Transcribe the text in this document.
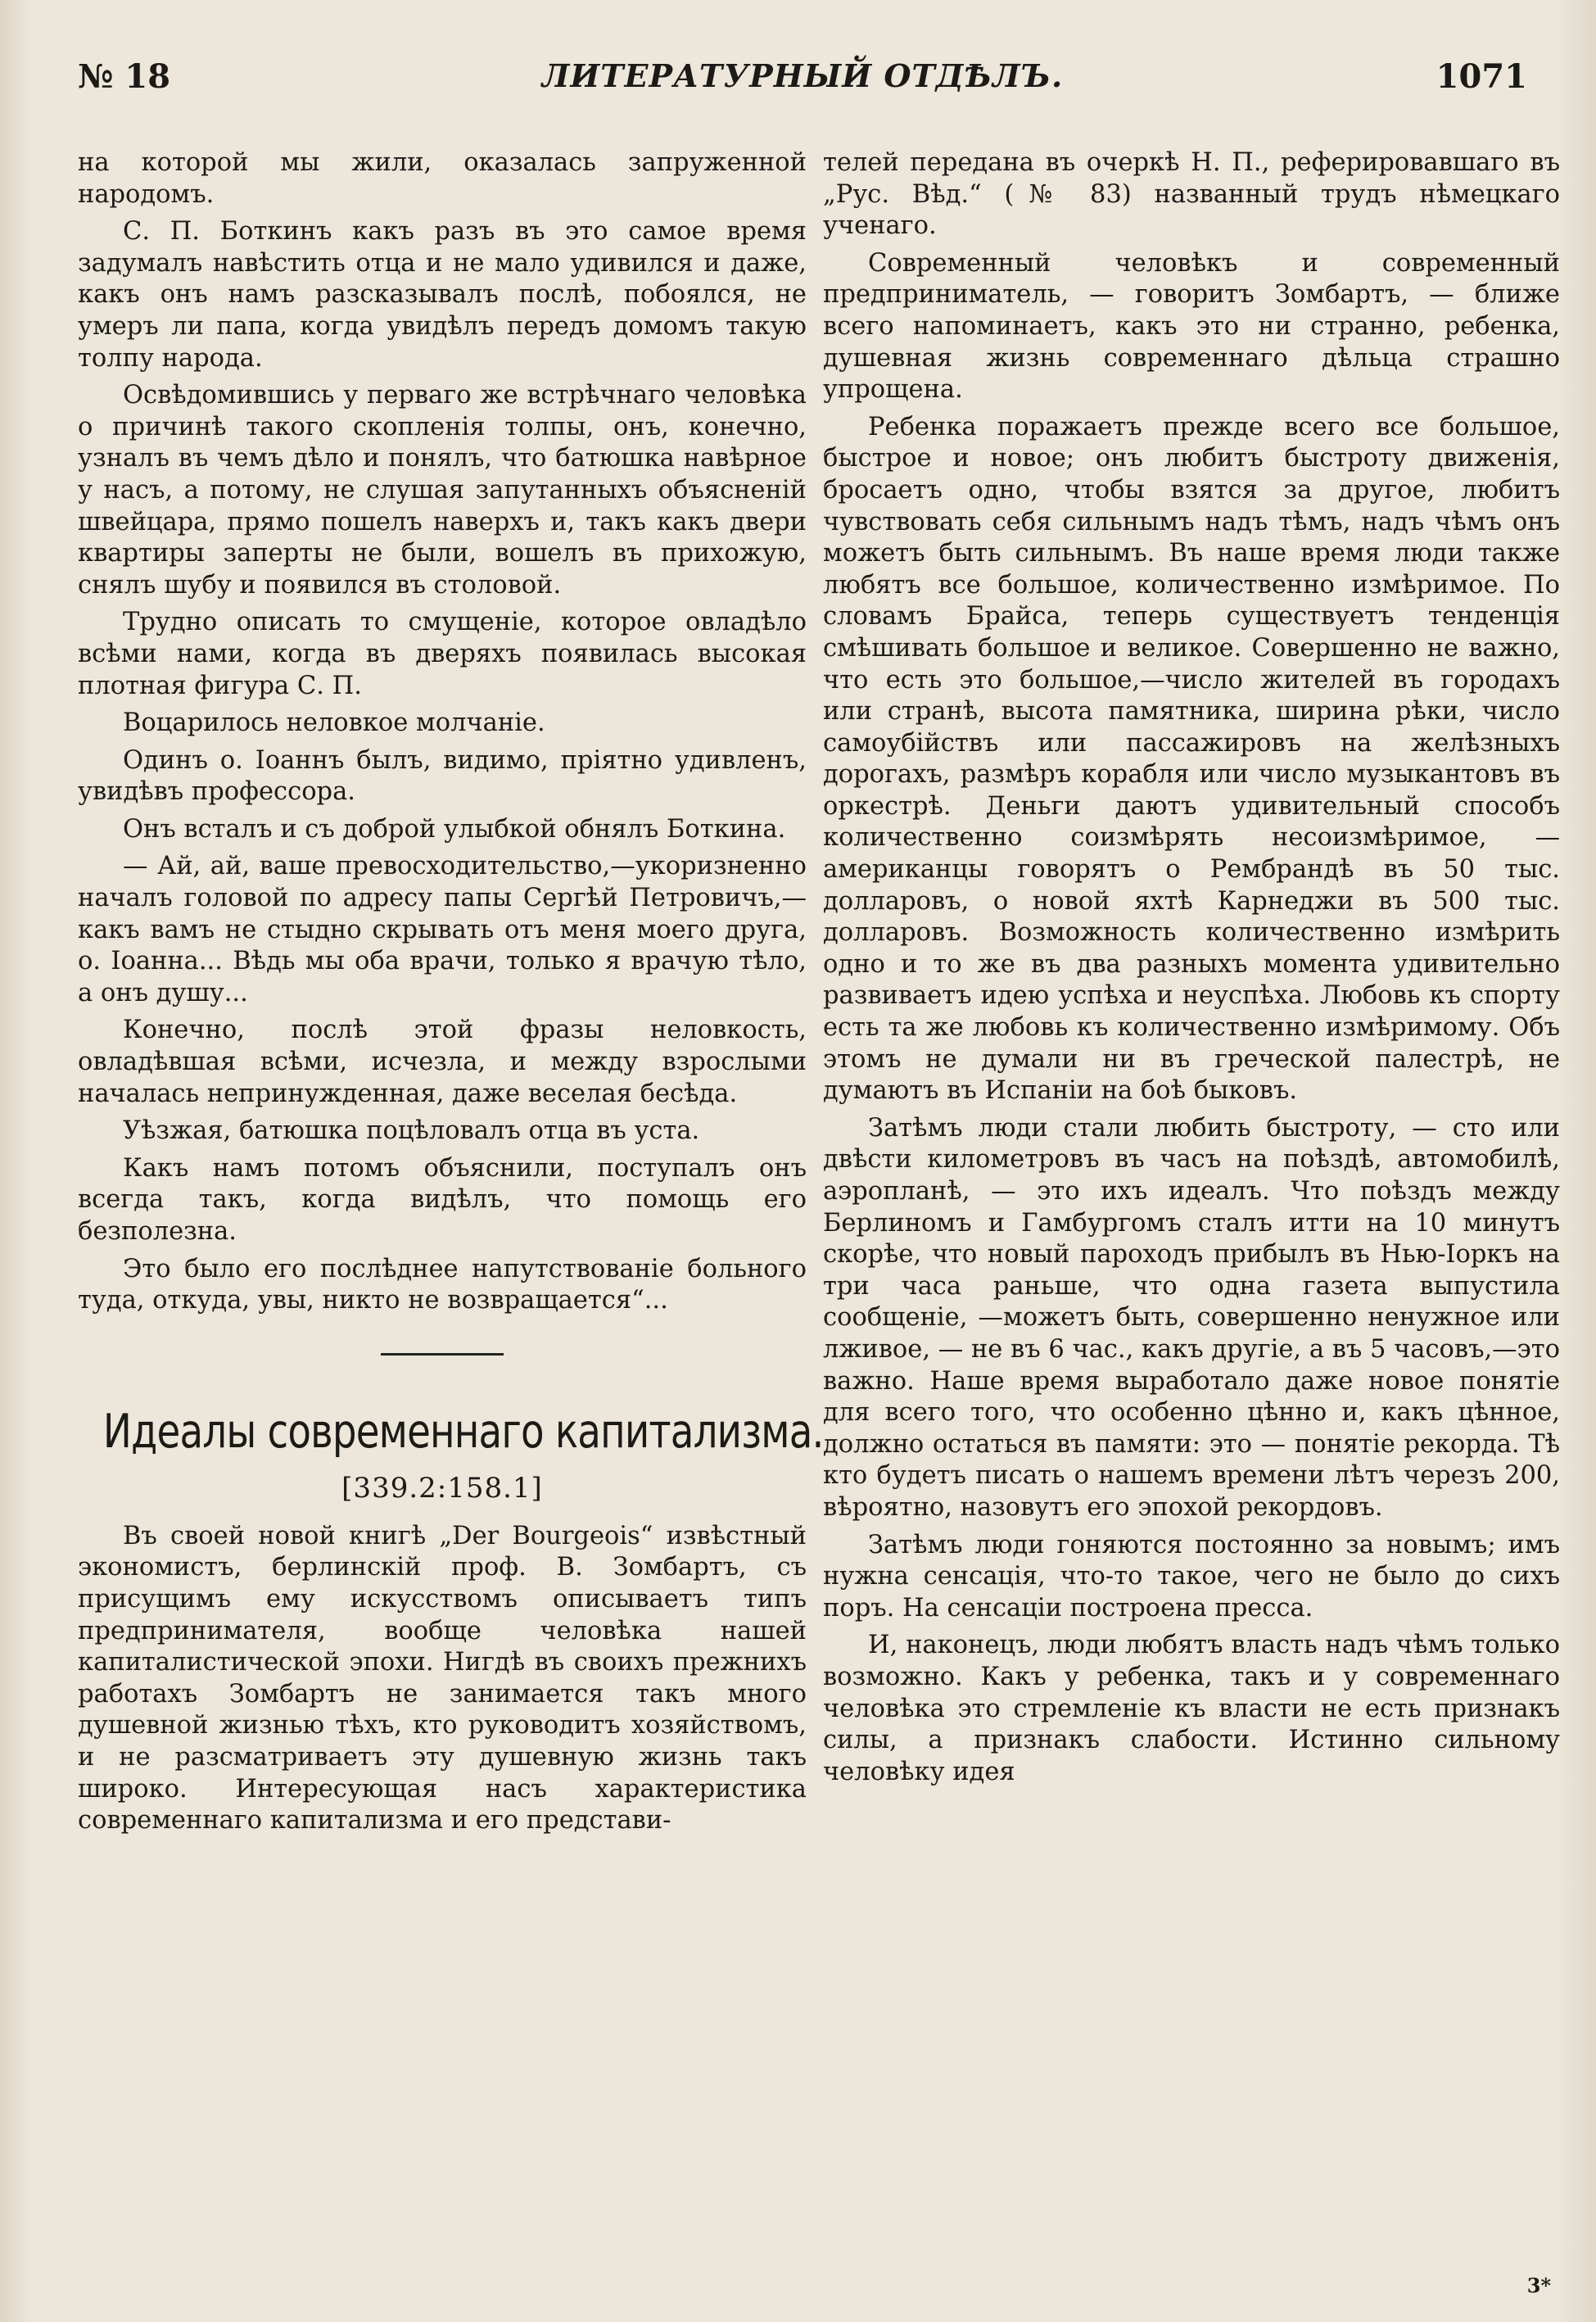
№ 18	ЛИТЕРАТУРНЫЙ ОТДѢЛЪ.	1071

на которой мы жили, оказалась запруженной народомъ.

С. П. Боткинъ какъ разъ въ это самое время задумалъ навѣстить отца и не мало удивился и даже, какъ онъ намъ разсказывалъ послѣ, побоялся, не умеръ ли папа, когда увидѣлъ передъ домомъ такую толпу народа.

Освѣдомившись у перваго же встрѣчнаго человѣка о причинѣ такого скопленія толпы, онъ, конечно, узналъ въ чемъ дѣло и понялъ, что батюшка навѣрное у насъ, а потому, не слушая запутанныхъ объясненій швейцара, прямо пошелъ наверхъ и, такъ какъ двери квартиры заперты не были, вошелъ въ прихожую, снялъ шубу и появился въ столовой.

Трудно описать то смущеніе, которое овладѣло всѣми нами, когда въ дверяхъ появилась высокая плотная фигура С. П.

Воцарилось неловкое молчаніе.

Одинъ о. Іоаннъ былъ, видимо, пріятно удивленъ, увидѣвъ профессора.

Онъ всталъ и съ доброй улыбкой обнялъ Боткина.

— Ай, ай, ваше превосходительство,—укоризненно началъ головой по адресу папы Сергѣй Петровичъ,—какъ вамъ не стыдно скрывать отъ меня моего друга, о. Іоанна... Вѣдь мы оба врачи, только я врачую тѣло, а онъ душу...

Конечно, послѣ этой фразы неловкость, овладѣвшая всѣми, исчезла, и между взрослыми началась непринужденная, даже веселая бесѣда.

Уѣзжая, батюшка поцѣловалъ отца въ уста.

Какъ намъ потомъ объяснили, поступалъ онъ всегда такъ, когда видѣлъ, что помощь его безполезна.

Это было его послѣднее напутствованіе больного туда, откуда, увы, никто не возвращается“...

Идеалы современнаго капитализма.
[339.2:158.1]

Въ своей новой книгѣ „Der Bourgeois“ извѣстный экономистъ, берлинскій проф. В. Зомбартъ, съ присущимъ ему искусствомъ описываетъ типъ предпринимателя, вообще человѣка нашей капиталистической эпохи. Нигдѣ въ своихъ прежнихъ работахъ Зомбартъ не занимается такъ много душевной жизнью тѣхъ, кто руководитъ хозяйствомъ, и не разсматриваетъ эту душевную жизнь такъ широко. Интересующая насъ характеристика современнаго капитализма и его представи-

телей передана въ очеркѣ Н. П., реферировавшаго въ „Рус. Вѣд.“ (№ 83) названный трудъ нѣмецкаго ученаго.

Современный человѣкъ и современный предприниматель, — говоритъ Зомбартъ, — ближе всего напоминаетъ, какъ это ни странно, ребенка, душевная жизнь современнаго дѣльца страшно упрощена.

Ребенка поражаетъ прежде всего все большое, быстрое и новое; онъ любитъ быстроту движенія, бросаетъ одно, чтобы взятся за другое, любитъ чувствовать себя сильнымъ надъ тѣмъ, надъ чѣмъ онъ можетъ быть сильнымъ. Въ наше время люди также любятъ все большое, количественно измѣримое. По словамъ Брайса, теперь существуетъ тенденція смѣшивать большое и великое. Совершенно не важно, что есть это большое,—число жителей въ городахъ или странѣ, высота памятника, ширина рѣки, число самоубійствъ или пассажировъ на желѣзныхъ дорогахъ, размѣръ корабля или число музыкантовъ въ оркестрѣ. Деньги даютъ удивительный способъ количественно соизмѣрять несоизмѣримое, — американцы говорятъ о Рембрандѣ въ 50 тыс. долларовъ, о новой яхтѣ Карнеджи въ 500 тыс. долларовъ. Возможность количественно измѣрить одно и то же въ два разныхъ момента удивительно развиваетъ идею успѣха и неуспѣха. Любовь къ спорту есть та же любовь къ количественно измѣримому. Объ этомъ не думали ни въ греческой палестрѣ, не думаютъ въ Испаніи на боѣ быковъ.

Затѣмъ люди стали любить быстроту, — сто или двѣсти километровъ въ часъ на поѣздѣ, автомобилѣ, аэропланѣ, — это ихъ идеалъ. Что поѣздъ между Берлиномъ и Гамбургомъ сталъ итти на 10 минутъ скорѣе, что новый пароходъ прибылъ въ Нью-Іоркъ на три часа раньше, что одна газета выпустила сообщеніе, —можетъ быть, совершенно ненужное или лживое, — не въ 6 час., какъ другіе, а въ 5 часовъ,—это важно. Наше время выработало даже новое понятіе для всего того, что особенно цѣнно и, какъ цѣнное, должно остаться въ памяти: это — понятіе рекорда. Тѣ кто будетъ писать о нашемъ времени лѣтъ черезъ 200, вѣроятно, назовутъ его эпохой рекордовъ.

Затѣмъ люди гоняются постоянно за новымъ; имъ нужна сенсація, что-то такое, чего не было до сихъ поръ. На сенсаціи построена пресса.

И, наконецъ, люди любятъ власть надъ чѣмъ только возможно. Какъ у ребенка, такъ и у современнаго человѣка это стремленіе къ власти не есть признакъ силы, а признакъ слабости. Истинно сильному человѣку идея

3*
